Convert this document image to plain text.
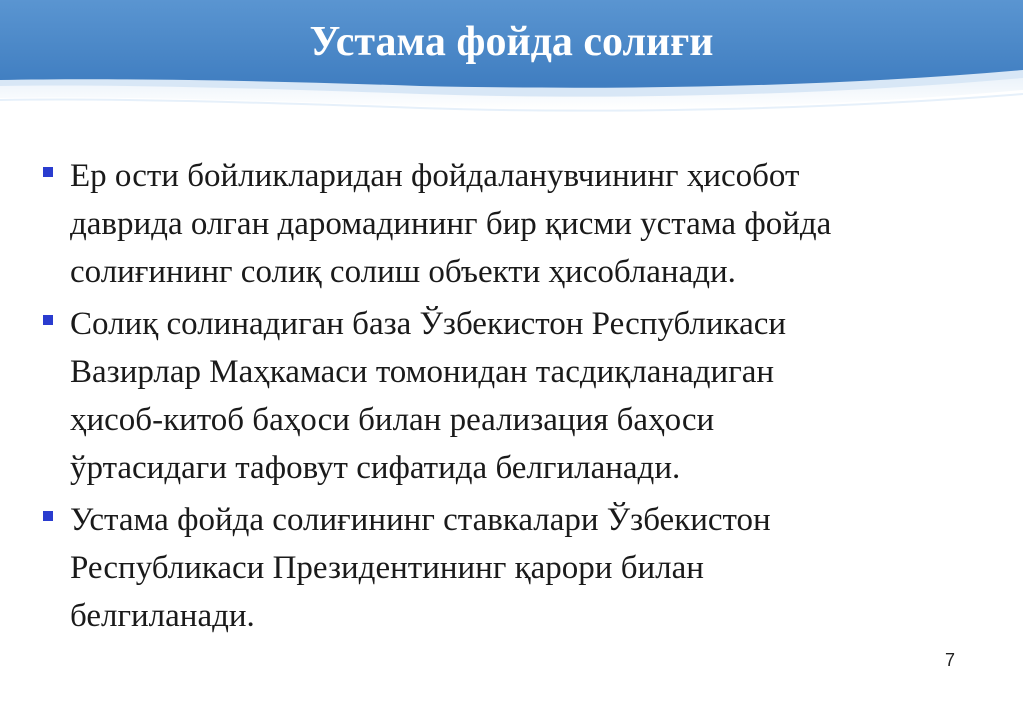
Устама фойда солиғи
Ер ости бойликларидан фойдаланувчининг ҳисобот
даврида олган даромадининг бир қисми устама фойда
солиғининг солиқ солиш объекти ҳисобланади.
Солиқ солинадиган база Ўзбекистон Республикаси
Вазирлар Маҳкамаси томонидан тасдиқланадиган
ҳисоб-китоб баҳоси билан реализация баҳоси
ўртасидаги тафовут сифатида белгиланади.
Устама фойда солиғининг ставкалари Ўзбекистон
Республикаси Президентининг қарори билан
белгиланади.
7
